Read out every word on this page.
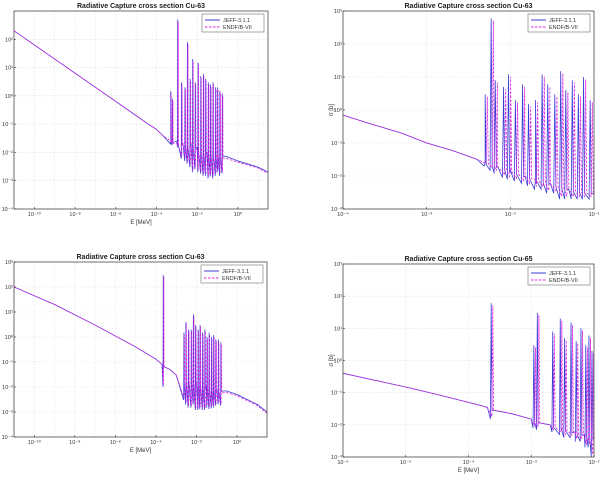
10⁻¹⁰	10⁻⁸	10⁻⁶	10⁻⁴	10⁻²	10⁰
10⁻⁴
10⁻³
10⁻²
10⁻¹
10⁰
10¹
10²
Radiative Capture cross section Cu-63
E [MeV]
JEFF-3.1.1
ENDF/B-VII
10⁻⁴	10⁻³	10⁻²	10⁻¹
10⁻³
10⁻²
10⁻¹
10⁰
10¹
10²
10³
Radiative Capture cross section Cu-63
σ [b]
JEFF-3.1.1
ENDF/B-VII
10⁻¹⁰	10⁻⁸	10⁻⁶	10⁻⁴	10⁻²	10⁰
10⁻⁴
10⁻³
10⁻²
10⁻¹
10⁰
10¹
10²
10³
Radiative Capture cross section Cu-63
E [MeV]
JEFF-3.1.1
ENDF/B-VII
10⁻⁶	10⁻⁵	10⁻⁴	10⁻³	10⁻²
10⁻³
10⁻²
10⁻¹
10⁰
10¹
10²
10³
Radiative Capture cross section Cu-65
E [MeV]
σ [b]
JEFF-3.1.1
ENDF/B-VII
